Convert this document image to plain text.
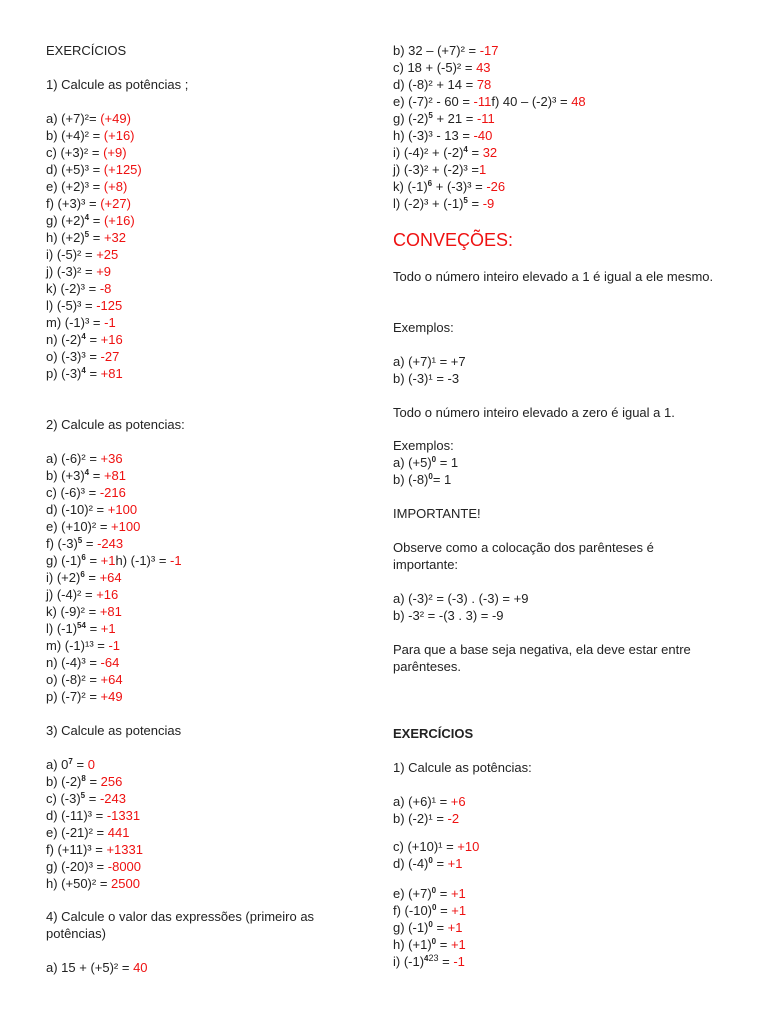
EXERCÍCIOS
1) Calcule as potências ;
a) (+7)²= (+49)
b) (+4)² = (+16)
c) (+3)² = (+9)
d) (+5)³ = (+125)
e) (+2)³ = (+8)
f) (+3)³ = (+27)
g) $(+2)^4 = (+16)$
h) $(+2)^5 = +32$
i) (-5)² = +25
j) (-3)² = +9
k) (-2)³ = -8
l) (-5)³ = -125
m) (-1)³ = -1
n) $(-2)^4 = +16$
o) (-3)³ = -27
p) $(-3)^4 = +81$
2) Calcule as potencias:
a) (-6)² = +36
b) $(+3)^4 = +81$
c) (-6)³ = -216
d) (-10)² = +100
e) (+10)² = +100
f) $(-3)^5 = -243$
g) $(-1)^6 = +1h$) (-1)³ = -1
i) $(+2)^6 = +64$
j) (-4)² = +16
k) (-9)² = +81
l) $(-1)^{54} = +1$
m) (-1)¹³ = -1
n) (-4)³ = -64
o) (-8)² = +64
p) (-7)² = +49
3) Calcule as potencias
a) $0^7 = 0$
b) $(-2)^8 = 256$
c) $(-3)^5 = -243$
d) (-11)³ = -1331
e) (-21)² = 441
f) (+11)³ = +1331
g) (-20)³ = -8000
h) (+50)² = 2500
4) Calcule o valor das expressões (primeiro as potências)
a) 15 + (+5)² = 40
b) 32 – (+7)² = -17
c) 18 + (-5)² = 43
d) (-8)² + 14 = 78
e) (-7)² - 60 = -11f) 40 – (-2)³ = 48
g) $(-2)^5 + 21 = -11$
h) (-3)³ - 13 = -40
i) $(-4)^2 + (-2)^4 = 32$
j) (-3)² + (-2)³ =1
k) $(-1)^6 + (-3)^3 = -26$
l) $(-2)^3 + (-1)^5 = -9$
CONVEÇÕES:
Todo o número inteiro elevado a 1 é igual a ele mesmo.
Exemplos:
a) (+7)¹ = +7
b) (-3)¹ = -3
Todo o número inteiro elevado a zero é igual a 1.
Exemplos:
a) $(+5)^0 = 1$
b) $(-8)^0= 1$
IMPORTANTE!
Observe como a colocação dos parênteses é importante:
a) (-3)² = (-3) . (-3) = +9
b) -3² = -(3 . 3) = -9
Para que a base seja negativa, ela deve estar entre parênteses.
EXERCÍCIOS
1) Calcule as potências:
a) (+6)¹ = +6
b) (-2)¹ = -2
c) (+10)¹ = +10
d) $(-4)^0 = +1$
e) $(+7)^0 = +1$
f) $(-10)^0 = +1$
g) $(-1)^0 = +1$
h) $(+1)^0 = +1$
i) $(-1)^{423} = -1$
